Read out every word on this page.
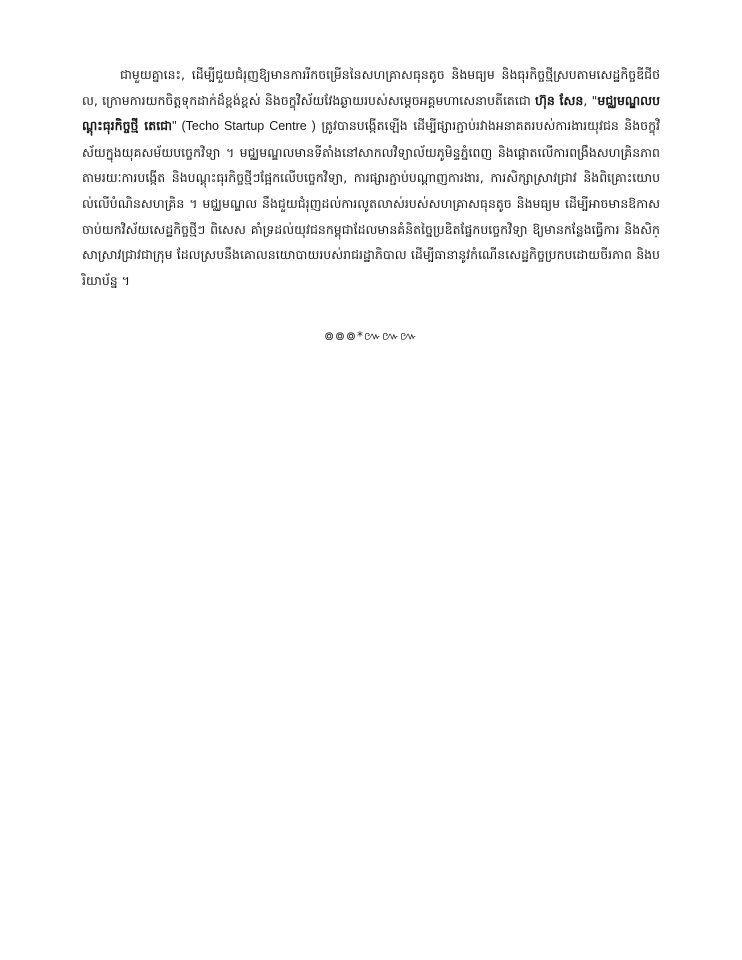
ជាមួយគ្នានេះ, ដើម្បីជួយជំរុញឱ្យមានការរីកចម្រើននៃសហគ្រាសធុនតូច និងមធ្យម និងធុរកិច្ចថ្មីស្របតាមសេដ្ឋកិច្ចឌីជីថល, ក្រោមការយកចិត្តទុកដាក់ដ៏ខ្ពង់ខ្ពស់ និងចក្ខុវិស័យវែងឆ្ងាយរបស់សម្ដេចអគ្គមហាសេនាបតីតេជោ ហ៊ុន សែន, "មជ្ឈមណ្ឌលបណ្ដុះធុរកិច្ចថ្មី តេជោ" (Techo Startup Centre ) ត្រូវបានបង្កើតឡើង ដើម្បីផ្សារភ្ជាប់រវាងអនាគតរបស់ការងារយុវជន និងចក្ខុវិស័យក្នុងយុគសម័យបច្ចេកវិទ្យា ។ មជ្ឈមណ្ឌលមានទីតាំងនៅសាកលវិទ្យាល័យភូមិន្ទភ្នំពេញ និងផ្ដោតលើការពង្រឹងសហគ្រិនភាព តាមរយៈការបង្កើត និងបណ្ដុះធុរកិច្ចថ្មីៗផ្អែកលើបច្ចេកវិទ្យា, ការផ្សារភ្ជាប់បណ្ដាញការងារ, ការសិក្សាស្រាវជ្រាវ និងពិគ្រោះយោបល់លើបំណិនសហគ្រិន ។ មជ្ឈមណ្ឌល នឹងជួយជំរុញដល់ការលូតលាស់របស់សហគ្រាសធុនតូច និងមធ្យម ដើម្បីអាចមានឱកាសចាប់យកវិស័យសេដ្ឋកិច្ចថ្មីៗ ពិសេស គាំទ្រដល់យុវជនកម្ពុជាដែលមានគំនិតច្នៃប្រឌិតផ្នែកបច្ចេកវិទ្យា ឱ្យមានកន្លែងធ្វើការ និងសិក្សាស្រាវជ្រាវជាក្រុម ដែលស្របនឹងគោលនយោបាយរបស់រាជរដ្ឋាភិបាល ដើម្បីធានានូវកំណើនសេដ្ឋកិច្ចប្រកបដោយចីរភាព និងបរិយាប័ន្ន ។

៙៙៙*៚៚៚
